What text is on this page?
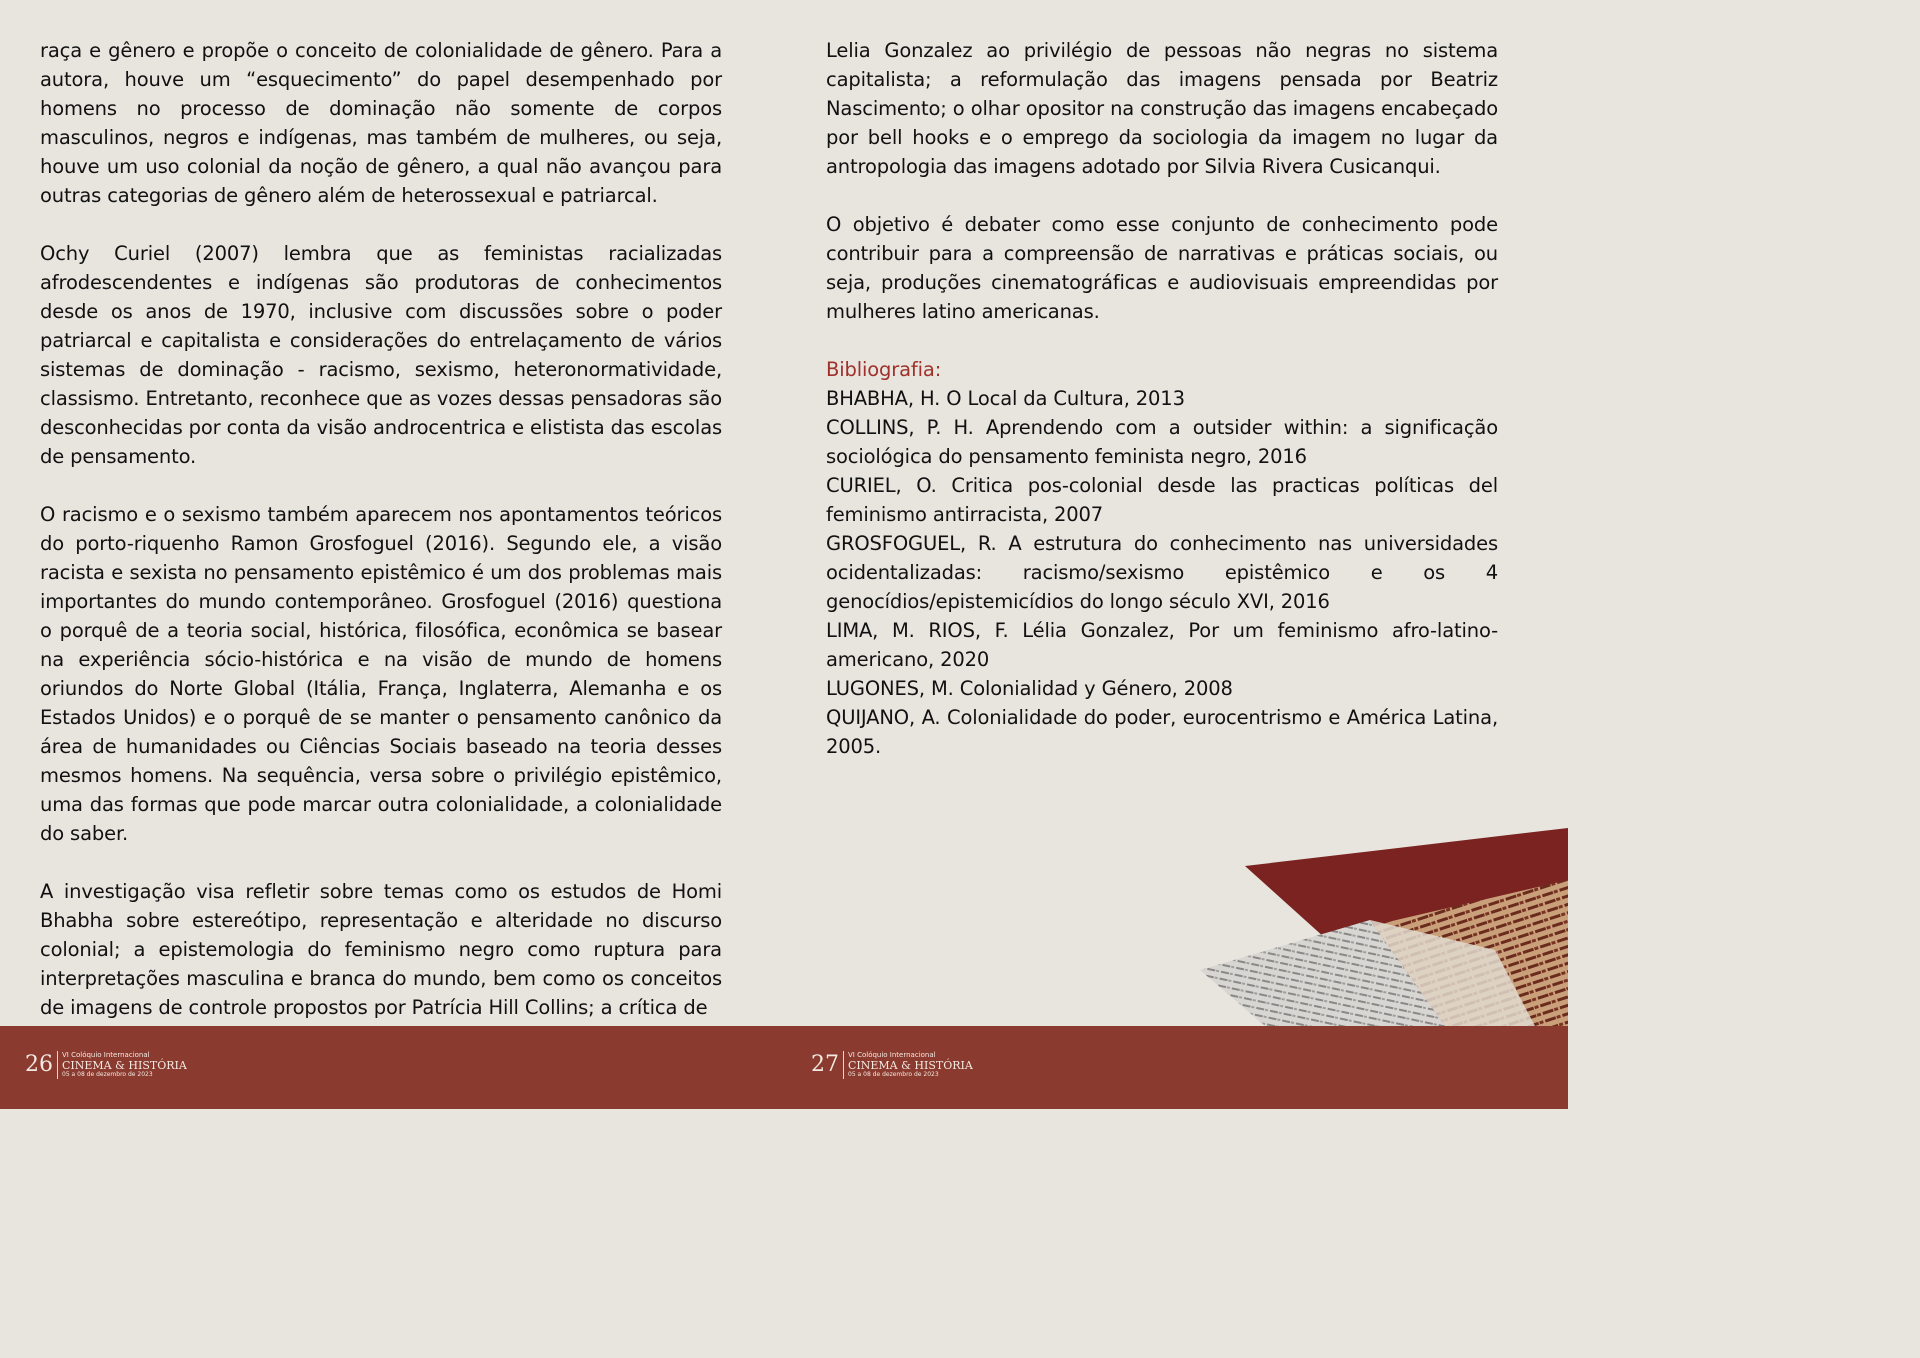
raça e gênero e propõe o conceito de colonialidade de gênero. Para a autora, houve um “esquecimento” do papel desempenhado por homens no processo de dominação não somente de corpos masculinos, negros e indígenas, mas também de mulheres, ou seja, houve um uso colonial da noção de gênero, a qual não avançou para outras categorias de gênero além de heterossexual e patriarcal.

Ochy Curiel (2007) lembra que as feministas racializadas afrodescendentes e indígenas são produtoras de conhecimentos desde os anos de 1970, inclusive com discussões sobre o poder patriarcal e capitalista e considerações do entrelaçamento de vários sistemas de dominação - racismo, sexismo, heteronormatividade, classismo. Entretanto, reconhece que as vozes dessas pensadoras são desconhecidas por conta da visão androcentrica e elistista das escolas de pensamento.

O racismo e o sexismo também aparecem nos apontamentos teóricos do porto-riquenho Ramon Grosfoguel (2016). Segundo ele, a visão racista e sexista no pensamento epistêmico é um dos problemas mais importantes do mundo contemporâneo. Grosfoguel (2016) questiona o porquê de a teoria social, histórica, filosófica, econômica se basear na experiência sócio-histórica e na visão de mundo de homens oriundos do Norte Global (Itália, França, Inglaterra, Alemanha e os Estados Unidos) e o porquê de se manter o pensamento canônico da área de humanidades ou Ciências Sociais baseado na teoria desses mesmos homens. Na sequência, versa sobre o privilégio epistêmico, uma das formas que pode marcar outra colonialidade, a colonialidade do saber.

A investigação visa refletir sobre temas como os estudos de Homi Bhabha sobre estereótipo, representação e alteridade no discurso colonial; a epistemologia do feminismo negro como ruptura para interpretações masculina e branca do mundo, bem como os conceitos de imagens de controle propostos por Patrícia Hill Collins; a crítica de

Lelia Gonzalez ao privilégio de pessoas não negras no sistema capitalista; a reformulação das imagens pensada por Beatriz Nascimento; o olhar opositor na construção das imagens encabeçado por bell hooks e o emprego da sociologia da imagem no lugar da antropologia das imagens adotado por Silvia Rivera Cusicanqui.

O objetivo é debater como esse conjunto de conhecimento pode contribuir para a compreensão de narrativas e práticas sociais, ou seja, produções cinematográficas e audiovisuais empreendidas por mulheres latino americanas.

Bibliografia:
BHABHA, H. O Local da Cultura, 2013
COLLINS, P. H. Aprendendo com a outsider within: a significação sociológica do pensamento feminista negro, 2016
CURIEL, O. Critica pos-colonial desde las practicas políticas del feminismo antirracista, 2007
GROSFOGUEL, R. A estrutura do conhecimento nas universidades ocidentalizadas: racismo/sexismo epistêmico e os 4 genocídios/epistemicídios do longo século XVI, 2016
LIMA, M. RIOS, F. Lélia Gonzalez, Por um feminismo afro-latino-americano, 2020
LUGONES, M. Colonialidad y Género, 2008
QUIJANO, A. Colonialidade do poder, eurocentrismo e América Latina, 2005.
26	VI Colóquio Internacional
CINEMA & HISTÓRIA
05 a 08 de dezembro de 2023	27	VI Colóquio Internacional
CINEMA & HISTÓRIA
05 a 08 de dezembro de 2023
